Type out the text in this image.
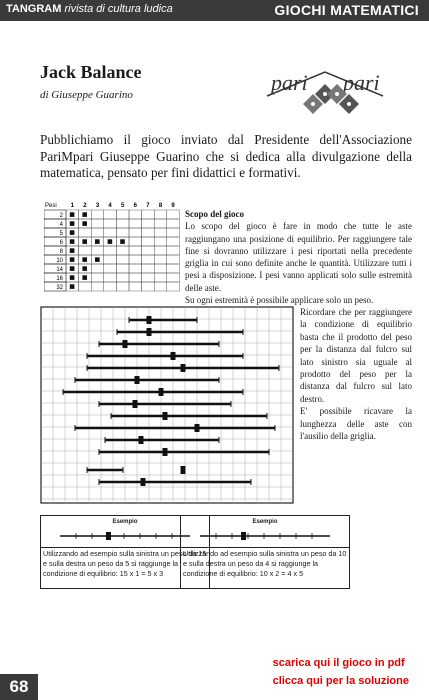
TANGRAM rivista di cultura ludica	GIOCHI MATEMATICI
Jack Balance
di Giuseppe Guarino	pari pari
Pubblichiamo il gioco inviato dal Presidente dell'Associazione PariMpari Giuseppe Guarino che si dedica alla divulgazione della matematica, pensato per fini didattici e formativi.
Pesi 1 2 3 4 5 6 7 8 9
2
4
5
6
8
10
14
16
32
Scopo del gioco
Lo scopo del gioco è fare in modo che tutte le aste raggiungano una posizione di equilibrio. Per raggiungere tale fine si dovranno utilizzare i pesi riportati nella precedente griglia in cui sono definite anche le quantità. Utilizzare tutti i pesi a disposizione. I pesi vanno applicati solo sulle estremità delle aste.
Su ogni estremità è possibile applicare solo un peso.
Ricordare che per raggiungere la condizione di equilibrio basta che il prodotto del peso per la distanza dal fulcro sul lato sinistro sia uguale al prodotto del peso per la distanza dal fulcro sul lato destro.
E' possibile ricavare la lunghezza delle aste con l'ausilio della griglia.
Esempio
Utilizzando ad esempio sulla sinistra un peso da 15 e sulla destra un peso da 5 si raggiunge la condizione di equilibrio: 15 x 1 = 5 x 3
Esempio
Utilizzando ad esempio sulla sinistra un peso da 10 e sulla destra un peso da 4 si raggiunge la condizione di equilibrio: 10 x 2 = 4 x 5
scarica qui il gioco in pdf
clicca qui per la soluzione
68
